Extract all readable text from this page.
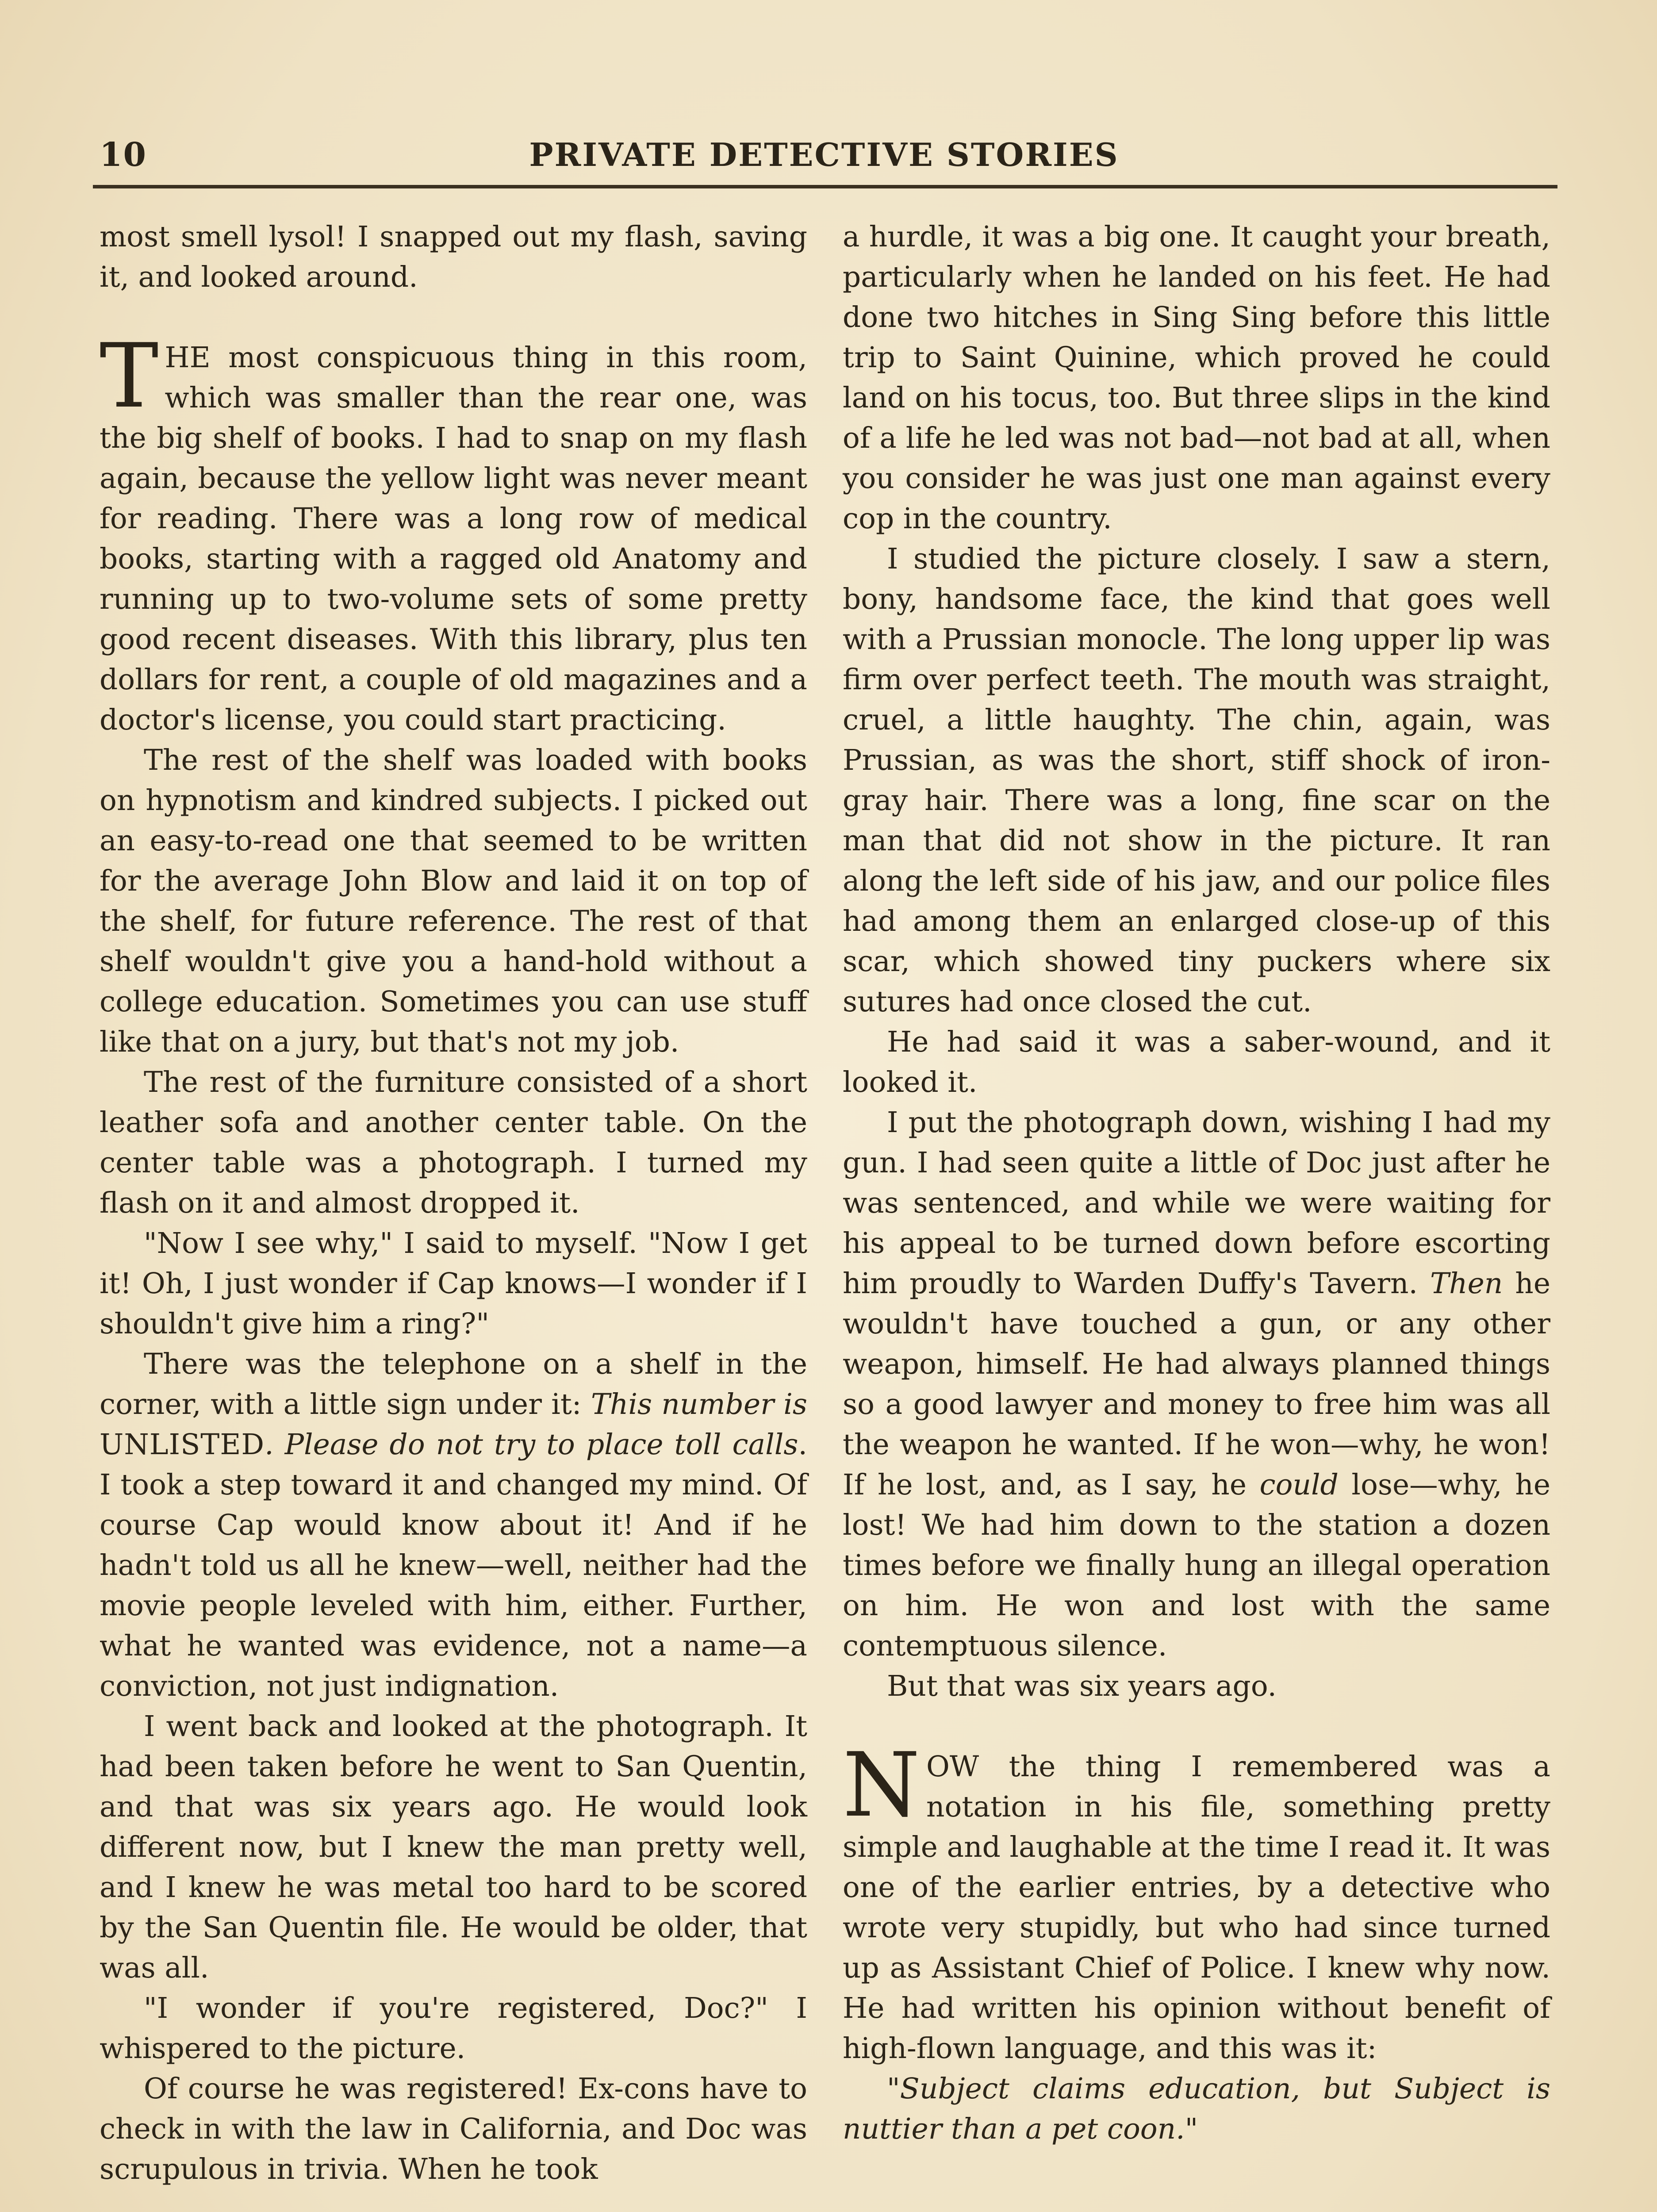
10	PRIVATE DETECTIVE STORIES

most smell lysol! I snapped out my flash, saving it, and looked around.

THE most conspicuous thing in this room, which was smaller than the rear one, was the big shelf of books. I had to snap on my flash again, because the yellow light was never meant for reading. There was a long row of medical books, starting with a ragged old Anatomy and running up to two-volume sets of some pretty good recent diseases. With this library, plus ten dollars for rent, a couple of old magazines and a doctor's license, you could start practicing.

The rest of the shelf was loaded with books on hypnotism and kindred subjects. I picked out an easy-to-read one that seemed to be written for the average John Blow and laid it on top of the shelf, for future reference. The rest of that shelf wouldn't give you a hand-hold without a college education. Sometimes you can use stuff like that on a jury, but that's not my job.

The rest of the furniture consisted of a short leather sofa and another center table. On the center table was a photograph. I turned my flash on it and almost dropped it.

"Now I see why," I said to myself. "Now I get it! Oh, I just wonder if Cap knows—I wonder if I shouldn't give him a ring?"

There was the telephone on a shelf in the corner, with a little sign under it: This number is UNLISTED. Please do not try to place toll calls. I took a step toward it and changed my mind. Of course Cap would know about it! And if he hadn't told us all he knew—well, neither had the movie people leveled with him, either. Further, what he wanted was evidence, not a name—a conviction, not just indignation.

I went back and looked at the photograph. It had been taken before he went to San Quentin, and that was six years ago. He would look different now, but I knew the man pretty well, and I knew he was metal too hard to be scored by the San Quentin file. He would be older, that was all.

"I wonder if you're registered, Doc?" I whispered to the picture.

Of course he was registered! Ex-cons have to check in with the law in California, and Doc was scrupulous in trivia. When he took

a hurdle, it was a big one. It caught your breath, particularly when he landed on his feet. He had done two hitches in Sing Sing before this little trip to Saint Quinine, which proved he could land on his tocus, too. But three slips in the kind of a life he led was not bad—not bad at all, when you consider he was just one man against every cop in the country.

I studied the picture closely. I saw a stern, bony, handsome face, the kind that goes well with a Prussian monocle. The long upper lip was firm over perfect teeth. The mouth was straight, cruel, a little haughty. The chin, again, was Prussian, as was the short, stiff shock of iron-gray hair. There was a long, fine scar on the man that did not show in the picture. It ran along the left side of his jaw, and our police files had among them an enlarged close-up of this scar, which showed tiny puckers where six sutures had once closed the cut.

He had said it was a saber-wound, and it looked it.

I put the photograph down, wishing I had my gun. I had seen quite a little of Doc just after he was sentenced, and while we were waiting for his appeal to be turned down before escorting him proudly to Warden Duffy's Tavern. Then he wouldn't have touched a gun, or any other weapon, himself. He had always planned things so a good lawyer and money to free him was all the weapon he wanted. If he won—why, he won! If he lost, and, as I say, he could lose—why, he lost! We had him down to the station a dozen times before we finally hung an illegal operation on him. He won and lost with the same contemptuous silence.

But that was six years ago.

NOW the thing I remembered was a notation in his file, something pretty simple and laughable at the time I read it. It was one of the earlier entries, by a detective who wrote very stupidly, but who had since turned up as Assistant Chief of Police. I knew why now. He had written his opinion without benefit of high-flown language, and this was it:

"Subject claims education, but Subject is nuttier than a pet coon."
